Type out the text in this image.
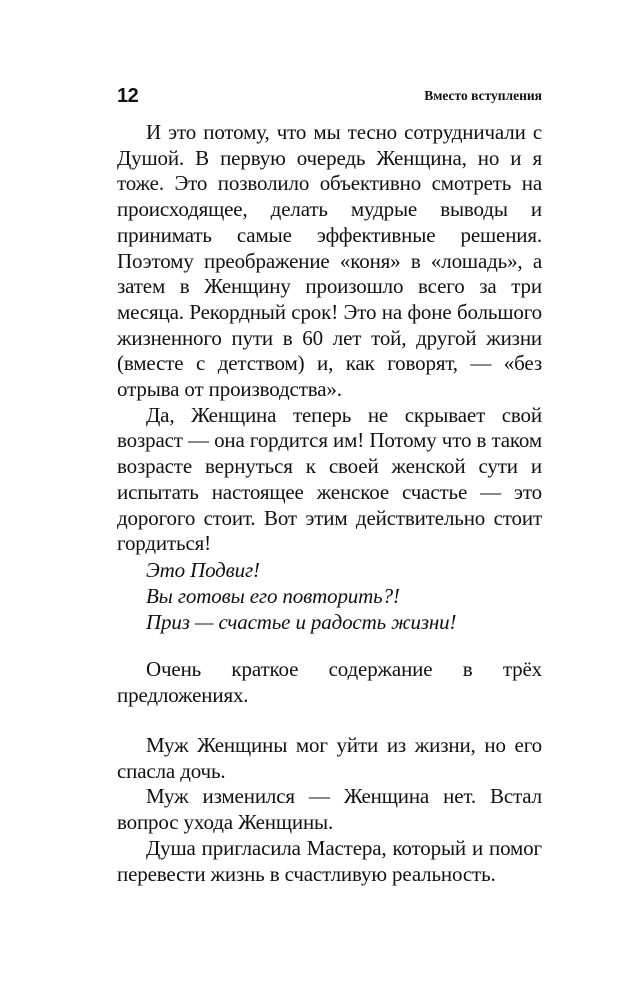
12	Вместо вступления

И это потому, что мы тесно сотрудничали с Душой. В первую очередь Женщина, но и я тоже. Это позволило объективно смотреть на происходящее, делать мудрые выводы и принимать самые эффективные решения. Поэтому преображение «коня» в «лошадь», а затем в Женщину произошло всего за три месяца. Рекордный срок! Это на фоне большого жизненного пути в 60 лет той, другой жизни (вместе с детством) и, как говорят, — «без отрыва от производства».

Да, Женщина теперь не скрывает свой возраст — она гордится им! Потому что в таком возрасте вернуться к своей женской сути и испытать настоящее женское счастье — это дорогого стоит. Вот этим действительно стоит гордиться!

Это Подвиг!

Вы готовы его повторить?!

Приз — счастье и радость жизни!

Очень краткое содержание в трёх предложениях.

Муж Женщины мог уйти из жизни, но его спасла дочь.

Муж изменился — Женщина нет. Встал вопрос ухода Женщины.

Душа пригласила Мастера, который и помог перевести жизнь в счастливую реальность.
